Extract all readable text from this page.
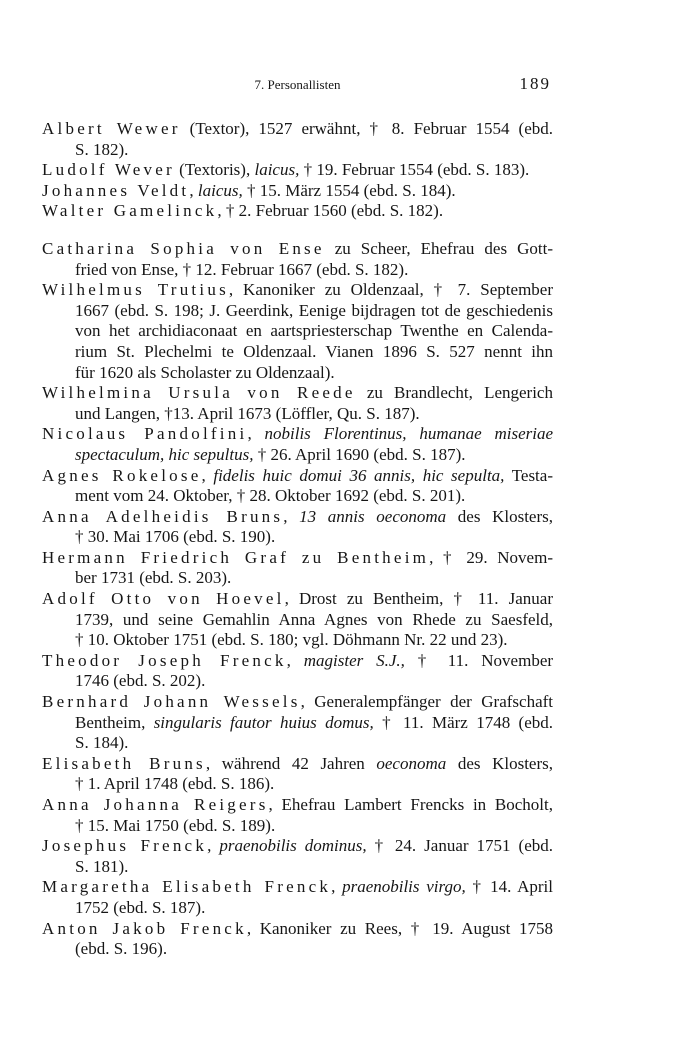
7. Personallisten	189
Albert Wewer (Textor), 1527 erwähnt, † 8. Februar 1554 (ebd.
S. 182).
Ludolf Wever (Textoris), laicus, † 19. Februar 1554 (ebd. S. 183).
Johannes Veldt, laicus, † 15. März 1554 (ebd. S. 184).
Walter Gamelinck, † 2. Februar 1560 (ebd. S. 182).
Catharina Sophia von Ense zu Scheer, Ehefrau des Gott-
fried von Ense, † 12. Februar 1667 (ebd. S. 182).
Wilhelmus Trutius, Kanoniker zu Oldenzaal, † 7. September
1667 (ebd. S. 198; J. Geerdink, Eenige bijdragen tot de geschiedenis
von het archidiaconaat en aartspriesterschap Twenthe en Calenda-
rium St. Plechelmi te Oldenzaal. Vianen 1896 S. 527 nennt ihn
für 1620 als Scholaster zu Oldenzaal).
Wilhelmina Ursula von Reede zu Brandlecht, Lengerich
und Langen, †13. April 1673 (Löffler, Qu. S. 187).
Nicolaus Pandolfini, nobilis Florentinus, humanae miseriae
spectaculum, hic sepultus, † 26. April 1690 (ebd. S. 187).
Agnes Rokelose, fidelis huic domui 36 annis, hic sepulta, Testa-
ment vom 24. Oktober, † 28. Oktober 1692 (ebd. S. 201).
Anna Adelheidis Bruns, 13 annis oeconoma des Klosters,
† 30. Mai 1706 (ebd. S. 190).
Hermann Friedrich Graf zu Bentheim, † 29. Novem-
ber 1731 (ebd. S. 203).
Adolf Otto von Hoevel, Drost zu Bentheim, † 11. Januar
1739, und seine Gemahlin Anna Agnes von Rhede zu Saesfeld,
† 10. Oktober 1751 (ebd. S. 180; vgl. Döhmann Nr. 22 und 23).
Theodor Joseph Frenck, magister S.J., † 11. November
1746 (ebd. S. 202).
Bernhard Johann Wessels, Generalempfänger der Grafschaft
Bentheim, singularis fautor huius domus, † 11. März 1748 (ebd.
S. 184).
Elisabeth Bruns, während 42 Jahren oeconoma des Klosters,
† 1. April 1748 (ebd. S. 186).
Anna Johanna Reigers, Ehefrau Lambert Frencks in Bocholt,
† 15. Mai 1750 (ebd. S. 189).
Josephus Frenck, praenobilis dominus, † 24. Januar 1751 (ebd.
S. 181).
Margaretha Elisabeth Frenck, praenobilis virgo, † 14. April
1752 (ebd. S. 187).
Anton Jakob Frenck, Kanoniker zu Rees, † 19. August 1758
(ebd. S. 196).
